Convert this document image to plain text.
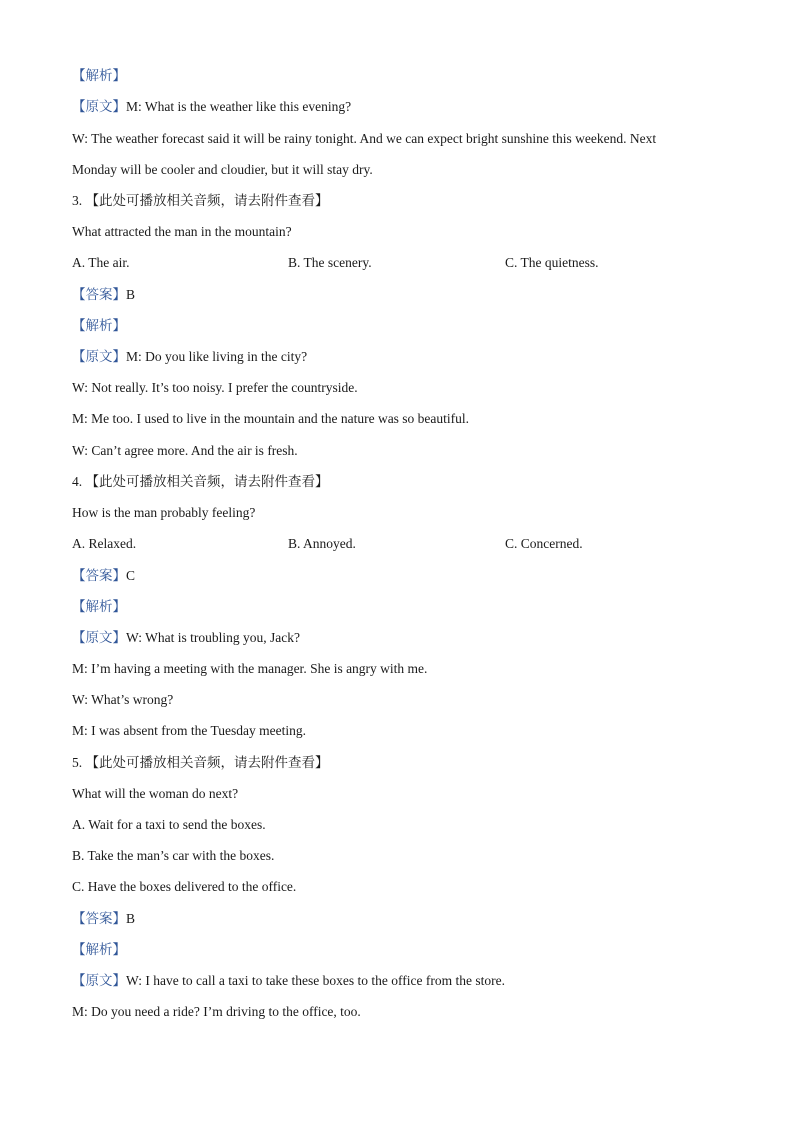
【解析】
【原文】M: What is the weather like this evening?
W: The weather forecast said it will be rainy tonight. And we can expect bright sunshine this weekend. Next
Monday will be cooler and cloudier, but it will stay dry.
3. 【此处可播放相关音频，请去附件查看】
What attracted the man in the mountain?
A. The air.	B. The scenery.	C. The quietness.
【答案】B
【解析】
【原文】M: Do you like living in the city?
W: Not really. It’s too noisy. I prefer the countryside.
M: Me too. I used to live in the mountain and the nature was so beautiful.
W: Can’t agree more. And the air is fresh.
4. 【此处可播放相关音频，请去附件查看】
How is the man probably feeling?
A. Relaxed.	B. Annoyed.	C. Concerned.
【答案】C
【解析】
【原文】W: What is troubling you, Jack?
M: I’m having a meeting with the manager. She is angry with me.
W: What’s wrong?
M: I was absent from the Tuesday meeting.
5. 【此处可播放相关音频，请去附件查看】
What will the woman do next?
A. Wait for a taxi to send the boxes.
B. Take the man’s car with the boxes.
C. Have the boxes delivered to the office.
【答案】B
【解析】
【原文】W: I have to call a taxi to take these boxes to the office from the store.
M: Do you need a ride? I’m driving to the office, too.
